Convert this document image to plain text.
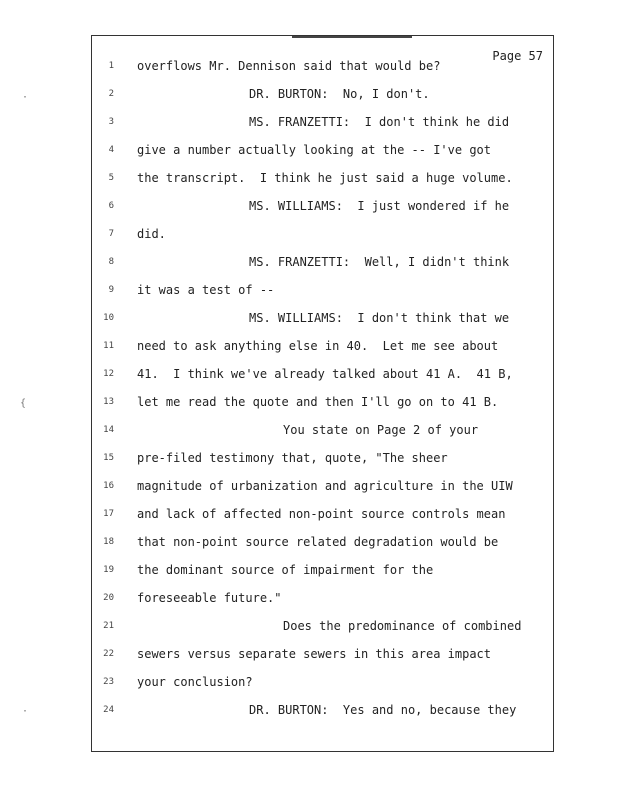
Page 57
1 overflows Mr. Dennison said that would be?
2	DR. BURTON:  No, I don't.
3	MS. FRANZETTI:  I don't think he did
4 give a number actually looking at the -- I've got
5 the transcript.  I think he just said a huge volume.
6	MS. WILLIAMS:  I just wondered if he
7 did.
8	MS. FRANZETTI:  Well, I didn't think
9 it was a test of --
10	MS. WILLIAMS:  I don't think that we
11 need to ask anything else in 40.  Let me see about
12 41.  I think we've already talked about 41 A.  41 B,
13 let me read the quote and then I'll go on to 41 B.
14	You state on Page 2 of your
15 pre-filed testimony that, quote, "The sheer
16 magnitude of urbanization and agriculture in the UIW
17 and lack of affected non-point source controls mean
18 that non-point source related degradation would be
19 the dominant source of impairment for the
20 foreseeable future."
21	Does the predominance of combined
22 sewers versus separate sewers in this area impact
23 your conclusion?
24	DR. BURTON:  Yes and no, because they
·
{
·
